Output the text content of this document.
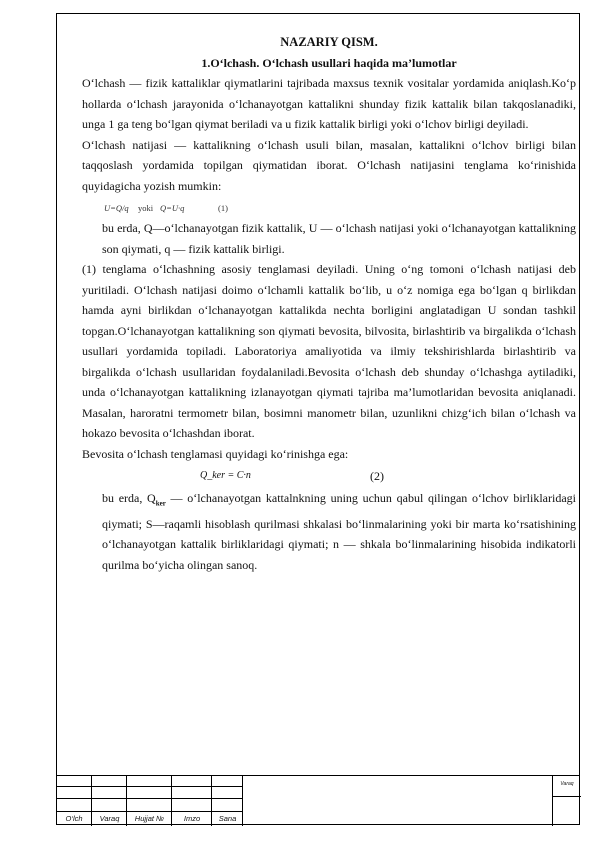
NAZARIY QISM.

1.O‘lchash. O‘lchash usullari haqida ma’lumotlar

O‘lchash — fizik kattaliklar qiymatlarini tajribada maxsus texnik vositalar yordamida aniqlash.Ko‘p hollarda o‘lchash jarayonida o‘lchanayotgan kattalikni shunday fizik kattalik bilan takqoslanadiki, unga 1 ga teng bo‘lgan qiymat beriladi va u fizik kattalik birligi yoki o‘lchov birligi deyiladi.

O‘lchash natijasi — kattalikning o‘lchash usuli bilan, masalan, kattalikni o‘lchov birligi bilan taqqoslash yordamida topilgan qiymatidan iborat. O‘lchash natijasini tenglama ko‘rinishida quyidagicha yozish mumkin:

U=Q/q yoki Q=U·q	(1)

bu erda, Q—o‘lchanayotgan fizik kattalik, U — o‘lchash natijasi yoki o‘lchanayotgan kattalikning son qiymati, q — fizik kattalik birligi.

(1) tenglama o‘lchashning asosiy tenglamasi deyiladi. Uning o‘ng tomoni o‘lchash natijasi deb yuritiladi. O‘lchash natijasi doimo o‘lchamli kattalik bo‘lib, u o‘z nomiga ega bo‘lgan q birlikdan hamda ayni birlikdan o‘lchanayotgan kattalikda nechta borligini anglatadigan U sondan tashkil topgan.O‘lchanayotgan kattalikning son qiymati bevosita, bilvosita, birlashtirib va birgalikda o‘lchash usullari yordamida topiladi. Laboratoriya amaliyotida va ilmiy tekshirishlarda birlashtirib va birgalikda o‘lchash usullaridan foydalaniladi.Bevosita o‘lchash deb shunday o‘lchashga aytiladiki, unda o‘lchanayotgan kattalikning izlanayotgan qiymati tajriba ma’lumotlaridan bevosita aniqlanadi. Masalan, haroratni termometr bilan, bosimni manometr bilan, uzunlikni chizg‘ich bilan o‘lchash va hokazo bevosita o‘lchashdan iborat.

Bevosita o‘lchash tenglamasi quyidagi ko‘rinishga ega:

Q_ker = C·n	(2)

bu erda, $Q_{ker}$ — o‘lchanayotgan kattalnkning uning uchun qabul qilingan o‘lchov birliklaridagi qiymati; S—raqamli hisoblash qurilmasi shkalasi bo‘linmalarining yoki bir marta ko‘rsatishining o‘lchanayotgan kattalik birliklaridagi qiymati; n — shkala bo‘linmalarining hisobida indikatorli qurilma bo‘yicha olingan sanoq.

O‘lch	Varaq	Hujjat №	Imzo	Sana
Varaq
